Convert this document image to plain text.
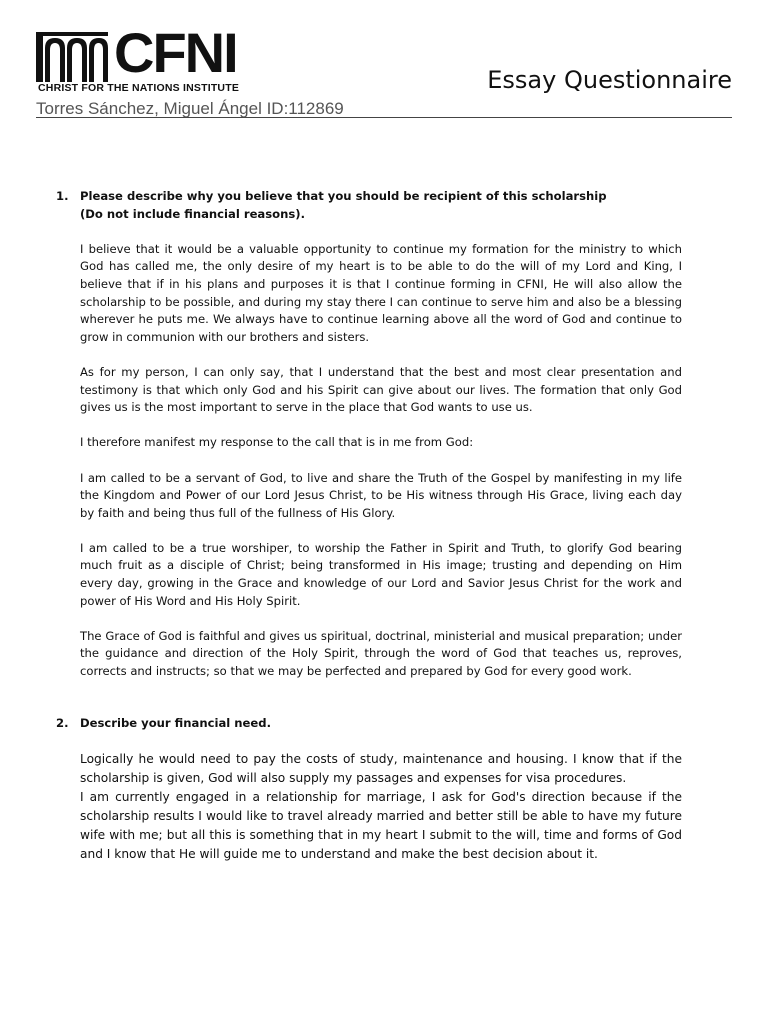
CFNI
CHRIST FOR THE NATIONS INSTITUTE	Essay Questionnaire
Torres Sánchez, Miguel Ángel ID:112869
1. Please describe why you believe that you should be recipient of this scholarship
(Do not include financial reasons).

I believe that it would be a valuable opportunity to continue my formation for the ministry to which God has called me, the only desire of my heart is to be able to do the will of my Lord and King, I believe that if in his plans and purposes it is that I continue forming in CFNI, He will also allow the scholarship to be possible, and during my stay there I can continue to serve him and also be a blessing wherever he puts me. We always have to continue learning above all the word of God and continue to grow in communion with our brothers and sisters.

As for my person, I can only say, that I understand that the best and most clear presentation and testimony is that which only God and his Spirit can give about our lives. The formation that only God gives us is the most important to serve in the place that God wants to use us.

I therefore manifest my response to the call that is in me from God:

I am called to be a servant of God, to live and share the Truth of the Gospel by manifesting in my life the Kingdom and Power of our Lord Jesus Christ, to be His witness through His Grace, living each day by faith and being thus full of the fullness of His Glory.

I am called to be a true worshiper, to worship the Father in Spirit and Truth, to glorify God bearing much fruit as a disciple of Christ; being transformed in His image; trusting and depending on Him every day, growing in the Grace and knowledge of our Lord and Savior Jesus Christ for the work and power of His Word and His Holy Spirit.

The Grace of God is faithful and gives us spiritual, doctrinal, ministerial and musical preparation; under the guidance and direction of the Holy Spirit, through the word of God that teaches us, reproves, corrects and instructs; so that we may be perfected and prepared by God for every good work.

2. Describe your financial need.

Logically he would need to pay the costs of study, maintenance and housing. I know that if the scholarship is given, God will also supply my passages and expenses for visa procedures.

I am currently engaged in a relationship for marriage, I ask for God's direction because if the scholarship results I would like to travel already married and better still be able to have my future wife with me; but all this is something that in my heart I submit to the will, time and forms of God and I know that He will guide me to understand and make the best decision about it.
